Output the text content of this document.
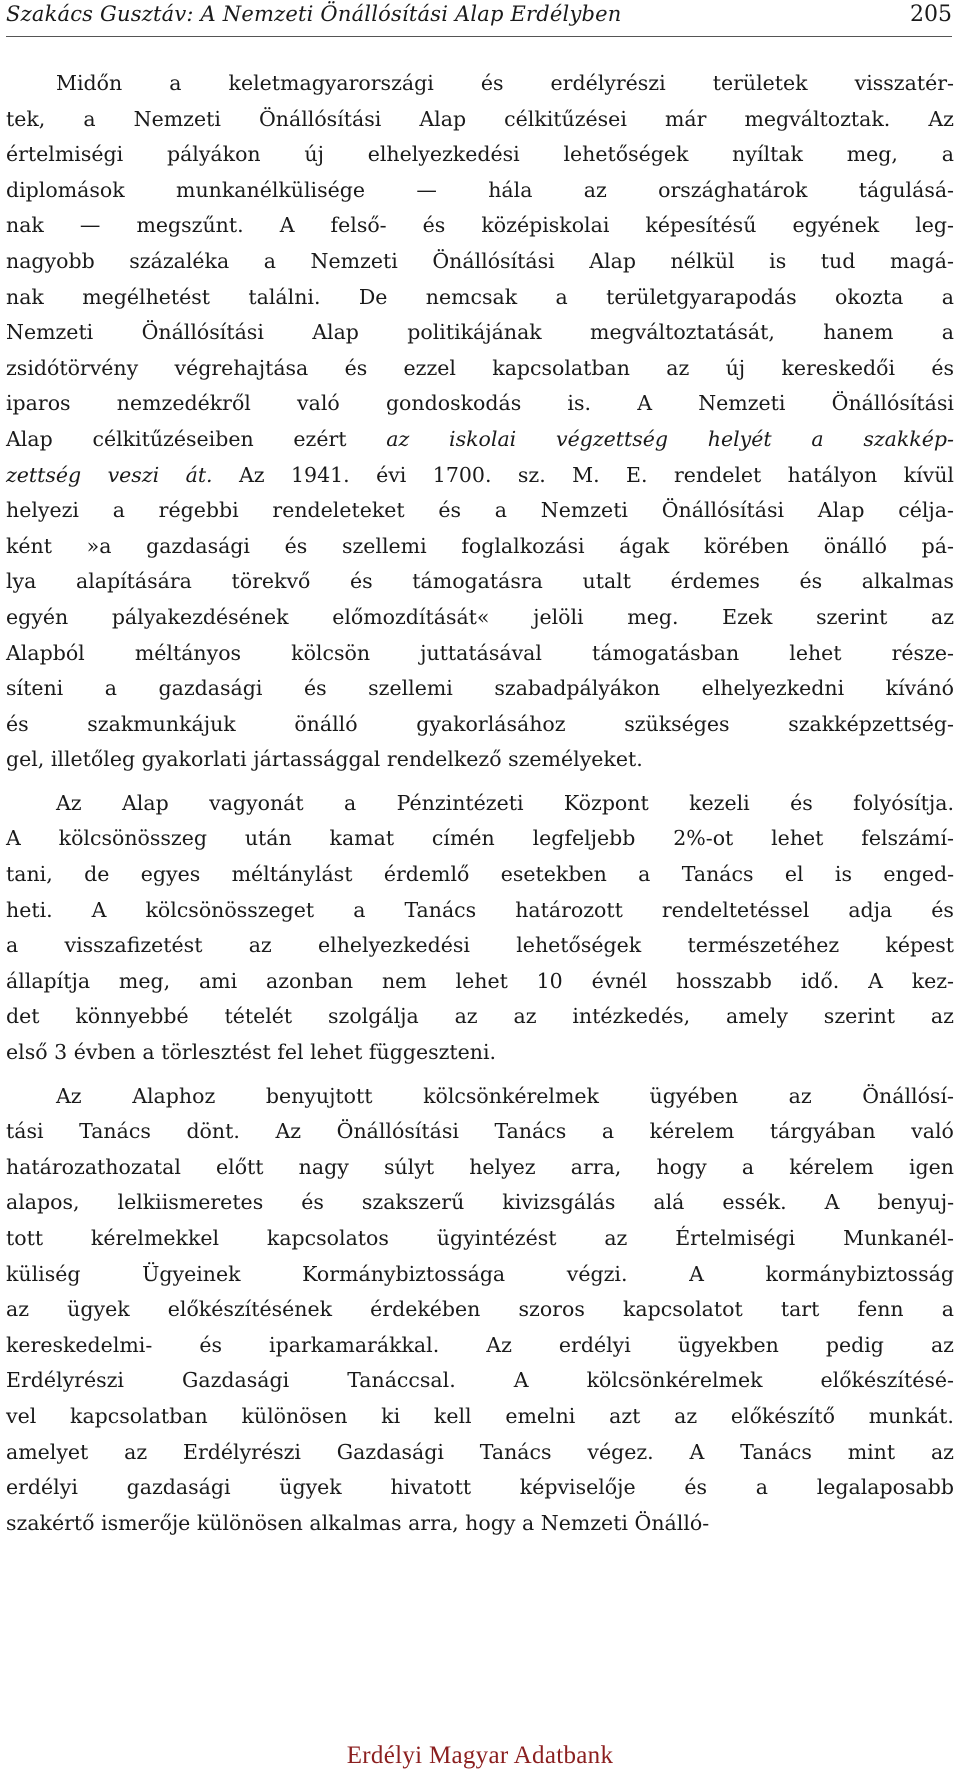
Szakács Gusztáv: A Nemzeti Önállósítási Alap Erdélyben	205
Midőn a keletmagyarországi és erdélyrészi területek visszatér-
tek, a Nemzeti Önállósítási Alap célkitűzései már megváltoztak. Az
értelmiségi pályákon új elhelyezkedési lehetőségek nyíltak meg, a
diplomások	munkanélkülisége	—	hála	az	országhatárok	tágulásá-
nak — megszűnt. A felső- és középiskolai képesítésű egyének leg-
nagyobb százaléka a Nemzeti Önállósítási Alap nélkül is tud magá-
nak megélhetést találni. De nemcsak a területgyarapodás okozta a
Nemzeti Önállósítási Alap politikájának megváltoztatását, hanem a
zsidótörvény végrehajtása és ezzel kapcsolatban az új kereskedői és
iparos nemzedékről való gondoskodás is. A Nemzeti Önállósítási
Alap célkitűzéseiben ezért az iskolai végzettség helyét a szakkép-
zettség veszi át. Az 1941. évi 1700. sz. M. E. rendelet hatályon kívül
helyezi a régebbi rendeleteket és a Nemzeti Önállósítási Alap célja-
ként »a gazdasági és szellemi foglalkozási ágak körében önálló pá-
lya alapítására törekvő és támogatásra utalt érdemes és alkalmas
egyén pályakezdésének előmozdítását« jelöli meg. Ezek szerint az
Alapból méltányos kölcsön juttatásával támogatásban lehet része-
síteni a gazdasági és szellemi szabadpályákon elhelyezkedni kívánó
és	szakmunkájuk	önálló	gyakorlásához	szükséges	szakképzettség-
gel, illetőleg gyakorlati jártassággal rendelkező személyeket.
Az Alap vagyonát a Pénzintézeti Központ kezeli és folyósítja.
A kölcsönösszeg után kamat címén legfeljebb 2%-ot lehet felszámí-
tani, de egyes méltánylást érdemlő esetekben a Tanács el is enged-
heti. A kölcsönösszeget a Tanács határozott rendeltetéssel adja és
a visszafizetést az elhelyezkedési lehetőségek természetéhez képest
állapítja meg, ami azonban nem lehet 10 évnél hosszabb idő. A kez-
det könnyebbé tételét szolgálja az az intézkedés, amely szerint az
első 3 évben a törlesztést fel lehet függeszteni.
Az Alaphoz benyujtott kölcsönkérelmek ügyében az Önállósí-
tási Tanács dönt. Az Önállósítási Tanács a kérelem tárgyában való
határozathozatal előtt nagy súlyt helyez arra, hogy a kérelem igen
alapos, lelkiismeretes és szakszerű kivizsgálás alá essék. A benyuj-
tott kérelmekkel kapcsolatos ügyintézést az Értelmiségi Munkanél-
küliség	Ügyeinek	Kormánybiztossága	végzi.	A	kormánybiztosság
az ügyek előkészítésének érdekében szoros kapcsolatot tart fenn a
kereskedelmi- és iparkamarákkal. Az erdélyi ügyekben pedig az
Erdélyrészi	Gazdasági	Tanáccsal.	A	kölcsönkérelmek	előkészítésé-
vel kapcsolatban különösen ki kell emelni azt az előkészítő munkát.
amelyet az Erdélyrészi Gazdasági Tanács végez. A Tanács mint az
erdélyi gazdasági ügyek hivatott képviselője és a legalaposabb
szakértő ismerője különösen alkalmas arra, hogy a Nemzeti Önálló-
Erdélyi Magyar Adatbank
